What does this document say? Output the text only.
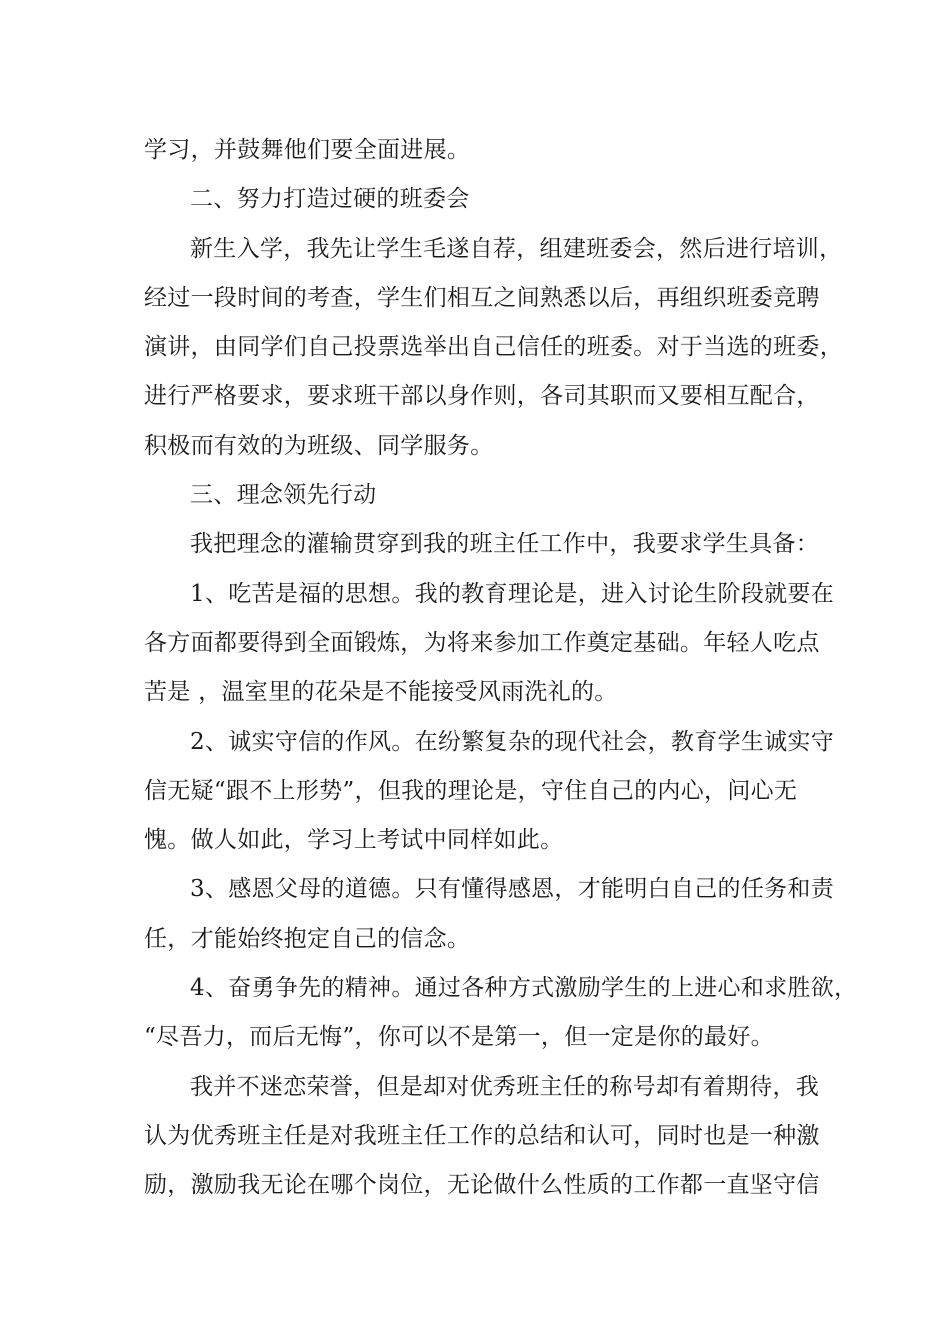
学习，并鼓舞他们要全面进展。
二、努力打造过硬的班委会
新生入学，我先让学生毛遂自荐，组建班委会，然后进行培训，
经过一段时间的考查，学生们相互之间熟悉以后，再组织班委竞聘
演讲，由同学们自己投票选举出自己信任的班委。对于当选的班委，
进行严格要求，要求班干部以身作则，各司其职而又要相互配合，
积极而有效的为班级、同学服务。
三、理念领先行动
我把理念的灌输贯穿到我的班主任工作中，我要求学生具备：
1、吃苦是福的思想。我的教育理论是，进入讨论生阶段就要在
各方面都要得到全面锻炼，为将来参加工作奠定基础。年轻人吃点
苦是 ，温室里的花朵是不能接受风雨洗礼的。
2、诚实守信的作风。在纷繁复杂的现代社会，教育学生诚实守
信无疑“跟不上形势”，但我的理论是，守住自己的内心，问心无
愧。做人如此，学习上考试中同样如此。
3、感恩父母的道德。只有懂得感恩，才能明白自己的任务和责
任，才能始终抱定自己的信念。
4、奋勇争先的精神。通过各种方式激励学生的上进心和求胜欲，
“尽吾力，而后无悔”，你可以不是第一，但一定是你的最好。
我并不迷恋荣誉，但是却对优秀班主任的称号却有着期待，我
认为优秀班主任是对我班主任工作的总结和认可，同时也是一种激
励，激励我无论在哪个岗位，无论做什么性质的工作都一直坚守信
